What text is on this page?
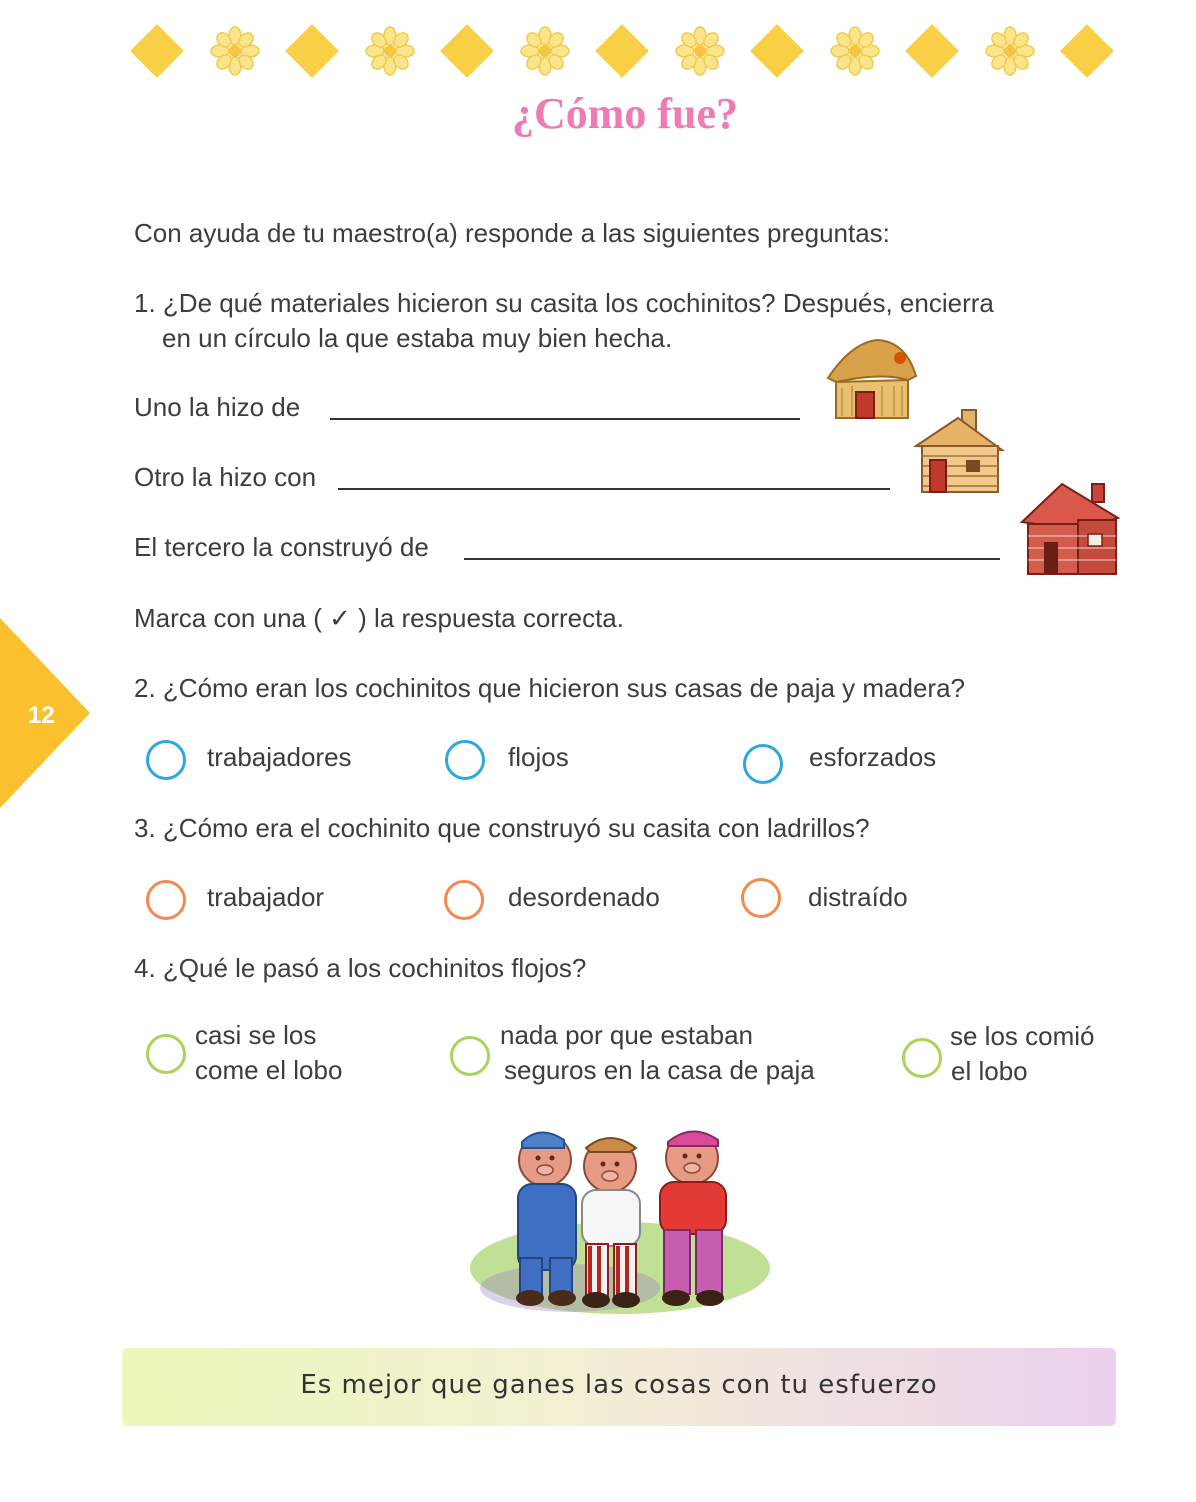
¿Cómo fue?
12
Con ayuda de tu maestro(a) responde a las siguientes preguntas:
1. ¿De qué materiales hicieron su casita los cochinitos? Después, encierra
en un círculo la que estaba muy bien hecha.
Uno la hizo de
Otro la hizo con
El tercero la construyó de
Marca con una ( ✓ ) la respuesta correcta.
2. ¿Cómo eran los cochinitos que hicieron sus casas de paja y madera?
trabajadores	flojos	esforzados
3. ¿Cómo era el cochinito que construyó su casita con ladrillos?
trabajador	desordenado	distraído
4. ¿Qué le pasó a los cochinitos flojos?
casi se los
come el lobo
nada por que estaban
seguros en la casa de paja
se los comió
el lobo
Es mejor que ganes las cosas con tu esfuerzo
